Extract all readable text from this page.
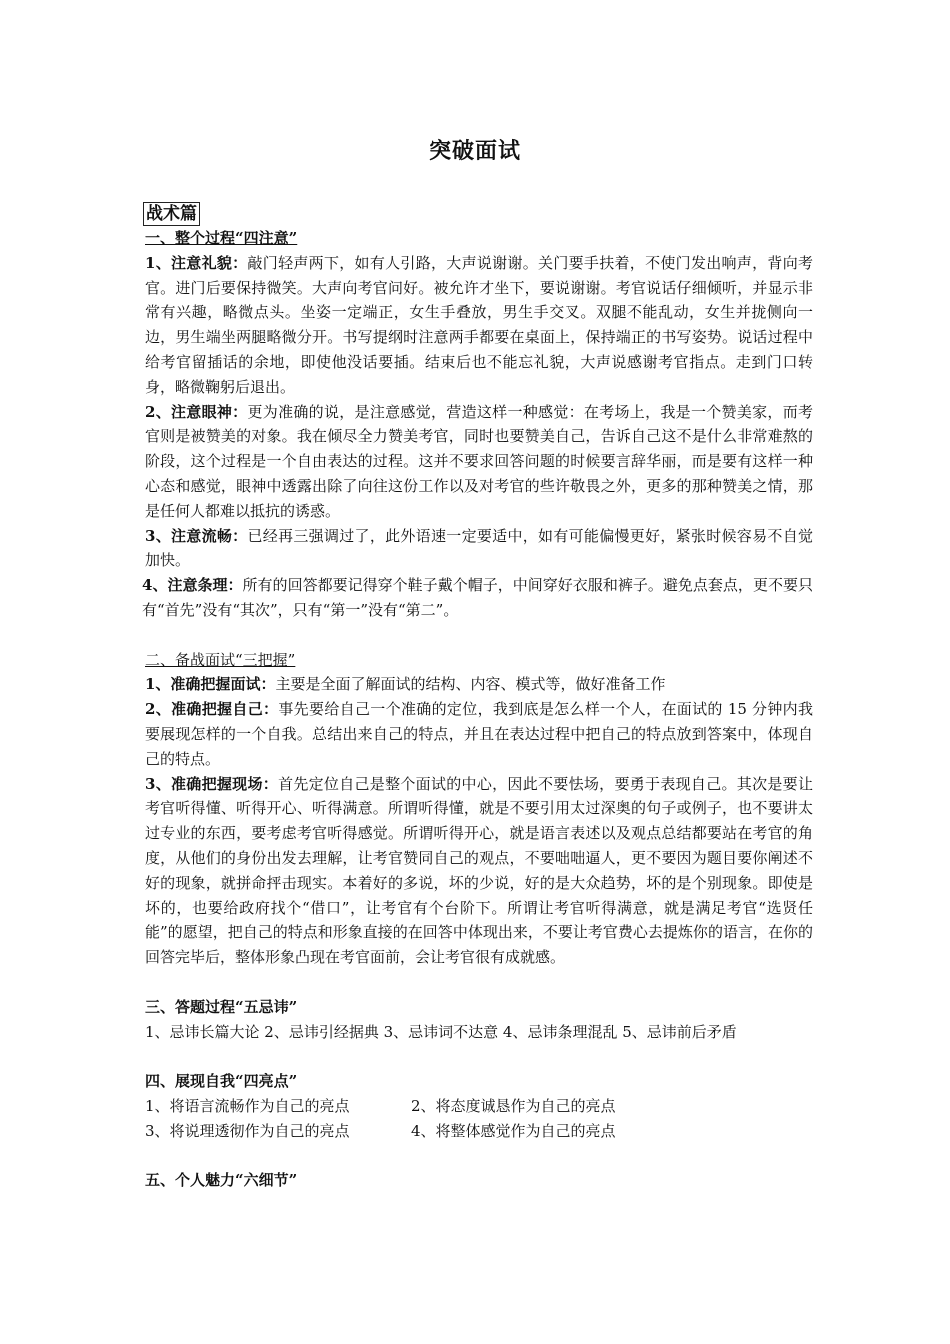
突破面试
战术篇
一、整个过程“四注意”

1、注意礼貌：敲门轻声两下，如有人引路，大声说谢谢。关门要手扶着，不使门发出响声，背向考官。进门后要保持微笑。大声向考官问好。被允许才坐下，要说谢谢。考官说话仔细倾听，并显示非常有兴趣，略微点头。坐姿一定端正，女生手叠放，男生手交叉。双腿不能乱动，女生并拢侧向一边，男生端坐两腿略微分开。书写提纲时注意两手都要在桌面上，保持端正的书写姿势。说话过程中给考官留插话的余地，即使他没话要插。结束后也不能忘礼貌，大声说感谢考官指点。走到门口转身，略微鞠躬后退出。

2、注意眼神：更为准确的说，是注意感觉，营造这样一种感觉：在考场上，我是一个赞美家，而考官则是被赞美的对象。我在倾尽全力赞美考官，同时也要赞美自己，告诉自己这不是什么非常难熬的阶段，这个过程是一个自由表达的过程。这并不要求回答问题的时候要言辞华丽，而是要有这样一种心态和感觉，眼神中透露出除了向往这份工作以及对考官的些许敬畏之外，更多的那种赞美之情，那是任何人都难以抵抗的诱惑。

3、注意流畅：已经再三强调过了，此外语速一定要适中，如有可能偏慢更好，紧张时候容易不自觉加快。

4、注意条理：所有的回答都要记得穿个鞋子戴个帽子，中间穿好衣服和裤子。避免点套点，更不要只有“首先”没有“其次”，只有“第一”没有“第二”。

二、备战面试“三把握”

1、准确把握面试：主要是全面了解面试的结构、内容、模式等，做好准备工作

2、准确把握自己：事先要给自己一个准确的定位，我到底是怎么样一个人，在面试的 15 分钟内我要展现怎样的一个自我。总结出来自己的特点，并且在表达过程中把自己的特点放到答案中，体现自己的特点。

3、准确把握现场：首先定位自己是整个面试的中心，因此不要怯场，要勇于表现自己。其次是要让考官听得懂、听得开心、听得满意。所谓听得懂，就是不要引用太过深奥的句子或例子，也不要讲太过专业的东西，要考虑考官听得感觉。所谓听得开心，就是语言表述以及观点总结都要站在考官的角度，从他们的身份出发去理解，让考官赞同自己的观点，不要咄咄逼人，更不要因为题目要你阐述不好的现象，就拼命抨击现实。本着好的多说，坏的少说，好的是大众趋势，坏的是个别现象。即使是坏的，也要给政府找个“借口”，让考官有个台阶下。所谓让考官听得满意，就是满足考官“选贤任能”的愿望，把自己的特点和形象直接的在回答中体现出来，不要让考官费心去提炼你的语言，在你的回答完毕后，整体形象凸现在考官面前，会让考官很有成就感。

三、答题过程“五忌讳”

1、忌讳长篇大论 2、忌讳引经据典 3、忌讳词不达意 4、忌讳条理混乱 5、忌讳前后矛盾

四、展现自我“四亮点”
1、将语言流畅作为自己的亮点	2、将态度诚恳作为自己的亮点
3、将说理透彻作为自己的亮点	4、将整体感觉作为自己的亮点
五、个人魅力“六细节”
